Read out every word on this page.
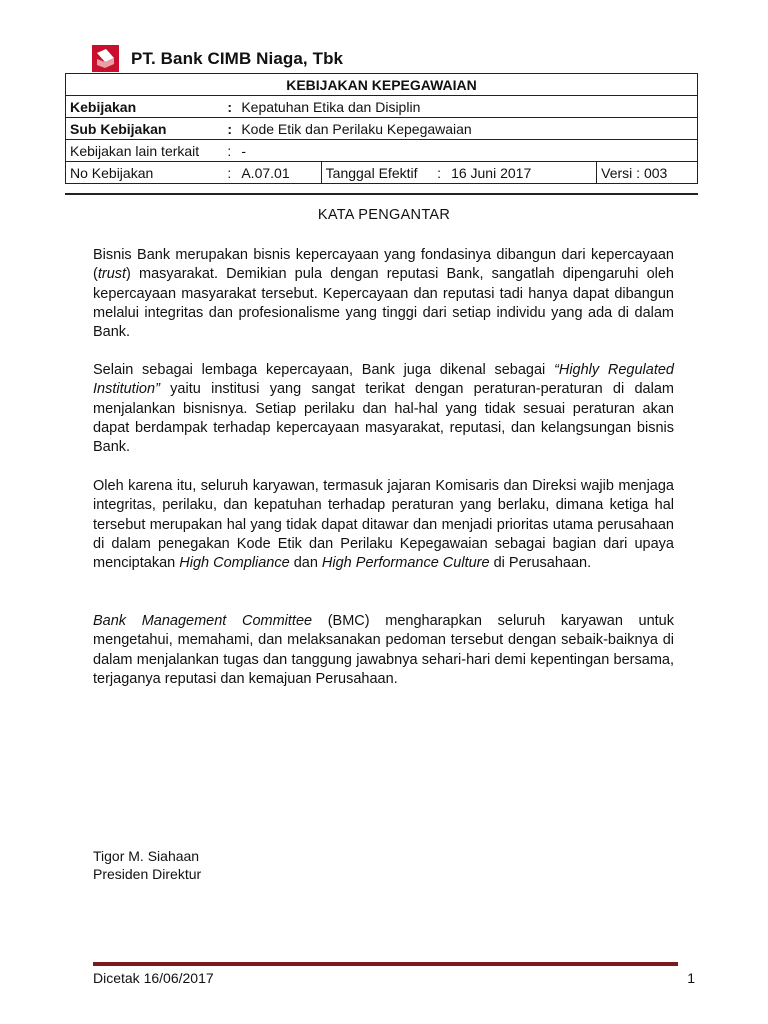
PT. Bank CIMB Niaga, Tbk
KEBIJAKAN KEPEGAWAIAN						
Kebijakan	:	Kepatuhan Etika dan Disiplin				
Sub Kebijakan	:	Kode Etik dan Perilaku Kepegawaian				
Kebijakan lain terkait	:	-				
No Kebijakan	:	A.07.01	Tanggal Efektif	:	16 Juni 2017	Versi : 003
KATA PENGANTAR

Bisnis Bank merupakan bisnis kepercayaan yang fondasinya dibangun dari kepercayaan (trust) masyarakat. Demikian pula dengan reputasi Bank, sangatlah dipengaruhi oleh kepercayaan masyarakat tersebut. Kepercayaan dan reputasi tadi hanya dapat dibangun melalui integritas dan profesionalisme yang tinggi dari setiap individu yang ada di dalam Bank.

Selain sebagai lembaga kepercayaan, Bank juga dikenal sebagai “Highly Regulated Institution” yaitu institusi yang sangat terikat dengan peraturan-peraturan di dalam menjalankan bisnisnya. Setiap perilaku dan hal-hal yang tidak sesuai peraturan akan dapat berdampak terhadap kepercayaan masyarakat, reputasi, dan kelangsungan bisnis Bank.

Oleh karena itu, seluruh karyawan, termasuk jajaran Komisaris dan Direksi wajib menjaga integritas, perilaku, dan kepatuhan terhadap peraturan yang berlaku, dimana ketiga hal tersebut merupakan hal yang tidak dapat ditawar dan menjadi prioritas utama perusahaan di dalam penegakan Kode Etik dan Perilaku Kepegawaian sebagai bagian dari upaya menciptakan High Compliance dan High Performance Culture di Perusahaan.

Bank Management Committee (BMC) mengharapkan seluruh karyawan untuk mengetahui, memahami, dan melaksanakan pedoman tersebut dengan sebaik-baiknya di dalam menjalankan tugas dan tanggung jawabnya sehari-hari demi kepentingan bersama, terjaganya reputasi dan kemajuan Perusahaan.

Tigor M. Siahaan
Presiden Direktur
Dicetak 16/06/2017	1
